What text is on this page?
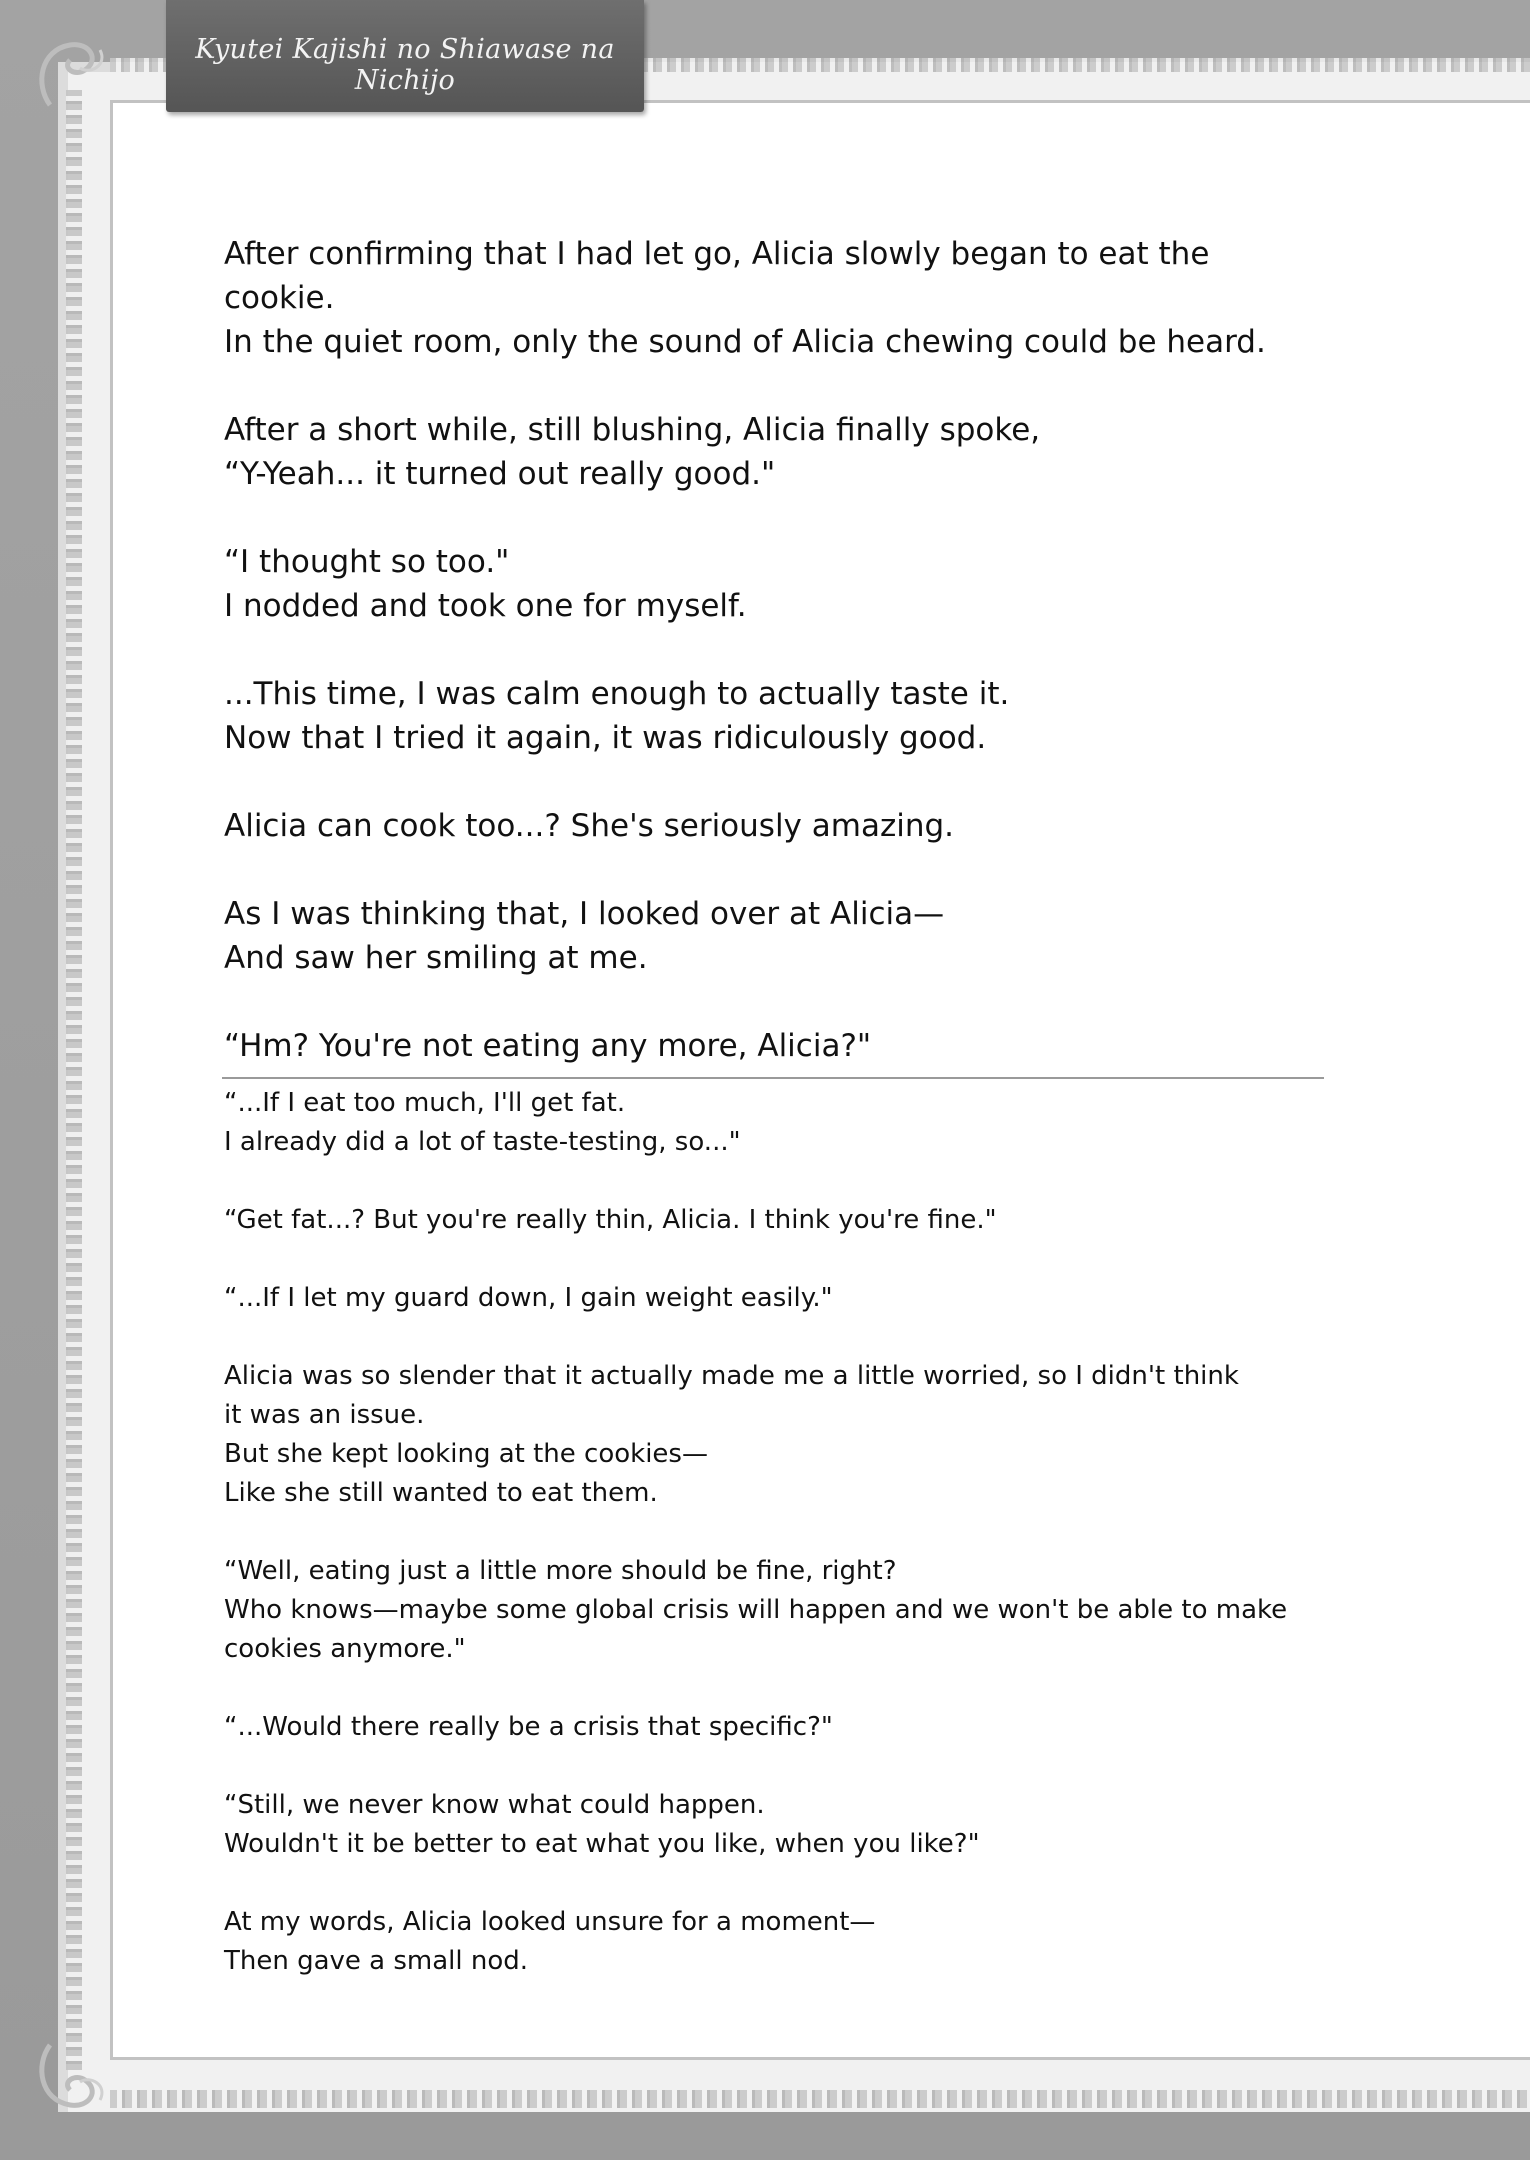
Kyutei Kajishi no Shiawase na Nichijo
After confirming that I had let go, Alicia slowly began to eat the
cookie.
In the quiet room, only the sound of Alicia chewing could be heard.

After a short while, still blushing, Alicia finally spoke,
“Y-Yeah... it turned out really good."

“I thought so too."
I nodded and took one for myself.

...This time, I was calm enough to actually taste it.
Now that I tried it again, it was ridiculously good.

Alicia can cook too...? She's seriously amazing.

As I was thinking that, I looked over at Alicia—
And saw her smiling at me.

“Hm? You're not eating any more, Alicia?"
“...If I eat too much, I'll get fat.
I already did a lot of taste-testing, so..."

“Get fat...? But you're really thin, Alicia. I think you're fine."

“...If I let my guard down, I gain weight easily."

Alicia was so slender that it actually made me a little worried, so I didn't think
it was an issue.
But she kept looking at the cookies—
Like she still wanted to eat them.

“Well, eating just a little more should be fine, right?
Who knows—maybe some global crisis will happen and we won't be able to make
cookies anymore."

“...Would there really be a crisis that specific?"

“Still, we never know what could happen.
Wouldn't it be better to eat what you like, when you like?"

At my words, Alicia looked unsure for a moment—
Then gave a small nod.
